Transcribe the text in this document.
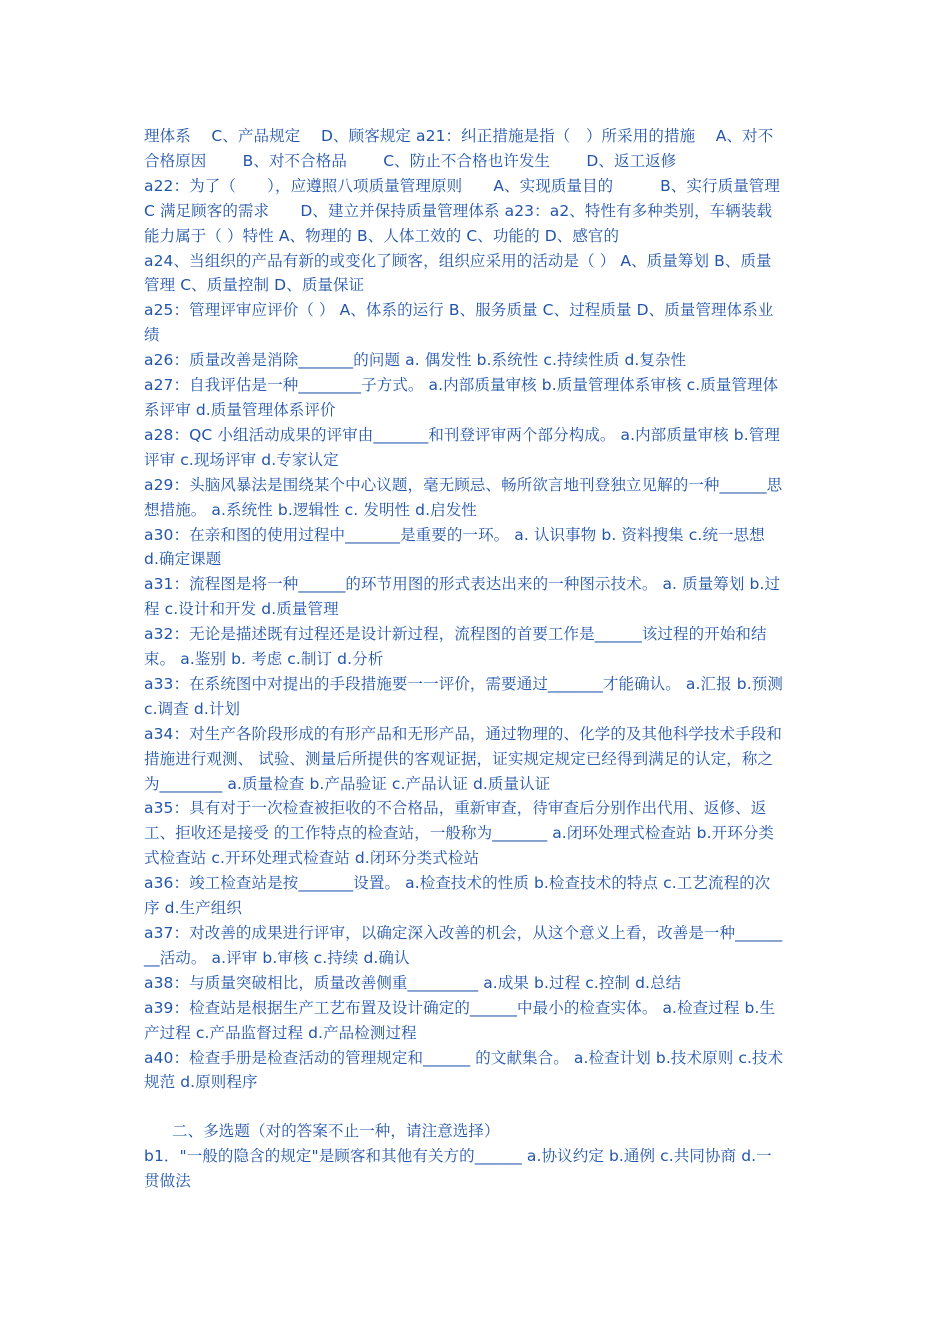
理体系　 C、产品规定　 D、顾客规定 a21：纠正措施是指（　）所采用的措施　 A、对不合格原因　　 B、对不合格品　　 C、防止不合格也许发生　　 D、返工返修

a22：为了（　　），应遵照八项质量管理原则　　A、实现质量目的　　　B、实行质量管理　　C 满足顾客的需求　　D、建立并保持质量管理体系 a23：a2、特性有多种类别，车辆装载能力属于（ ）特性 A、物理的 B、人体工效的 C、功能的 D、感官的

a24、当组织的产品有新的或变化了顾客，组织应采用的活动是（ ） A、质量筹划 B、质量管理 C、质量控制 D、质量保证

a25：管理评审应评价（ ） A、体系的运行 B、服务质量 C、过程质量 D、质量管理体系业绩

a26：质量改善是消除_______的问题 a. 偶发性 b.系统性 c.持续性质 d.复杂性

a27：自我评估是一种________子方式。 a.内部质量审核 b.质量管理体系审核 c.质量管理体系评审 d.质量管理体系评价

a28：QC 小组活动成果的评审由_______和刊登评审两个部分构成。 a.内部质量审核 b.管理评审 c.现场评审 d.专家认定

a29：头脑风暴法是围绕某个中心议题，毫无顾忌、畅所欲言地刊登独立见解的一种______思想措施。 a.系统性 b.逻辑性 c. 发明性 d.启发性

a30：在亲和图的使用过程中_______是重要的一环。 a. 认识事物 b. 资料搜集 c.统一思想 d.确定课题

a31：流程图是将一种______的环节用图的形式表达出来的一种图示技术。 a. 质量筹划 b.过程 c.设计和开发 d.质量管理

a32：无论是描述既有过程还是设计新过程，流程图的首要工作是______该过程的开始和结束。 a.鉴别 b. 考虑 c.制订 d.分析

a33：在系统图中对提出的手段措施要一一评价，需要通过_______才能确认。 a.汇报 b.预测 c.调查 d.计划

a34：对生产各阶段形成的有形产品和无形产品，通过物理的、化学的及其他科学技术手段和措施进行观测、 试验、测量后所提供的客观证据，证实规定规定已经得到满足的认定，称之为________ a.质量检查 b.产品验证 c.产品认证 d.质量认证

a35：具有对于一次检查被拒收的不合格品，重新审查，待审查后分别作出代用、返修、返工、拒收还是接受 的工作特点的检查站，一般称为_______ a.闭环处理式检查站 b.开环分类式检查站 c.开环处理式检查站 d.闭环分类式检站

a36：竣工检查站是按_______设置。 a.检查技术的性质 b.检查技术的特点 c.工艺流程的次序 d.生产组织

a37：对改善的成果进行评审，以确定深入改善的机会，从这个意义上看，改善是一种________活动。 a.评审 b.审核 c.持续 d.确认

a38：与质量突破相比，质量改善侧重_________ a.成果 b.过程 c.控制 d.总结

a39：检查站是根据生产工艺布置及设计确定的______中最小的检查实体。 a.检查过程 b.生产过程 c.产品监督过程 d.产品检测过程

a40：检查手册是检查活动的管理规定和______ 的文献集合。 a.检查计划 b.技术原则 c.技术规范 d.原则程序

二、多选题（对的答案不止一种，请注意选择）

b1．"一般的隐含的规定"是顾客和其他有关方的______ a.协议约定 b.通例 c.共同协商 d.一贯做法
